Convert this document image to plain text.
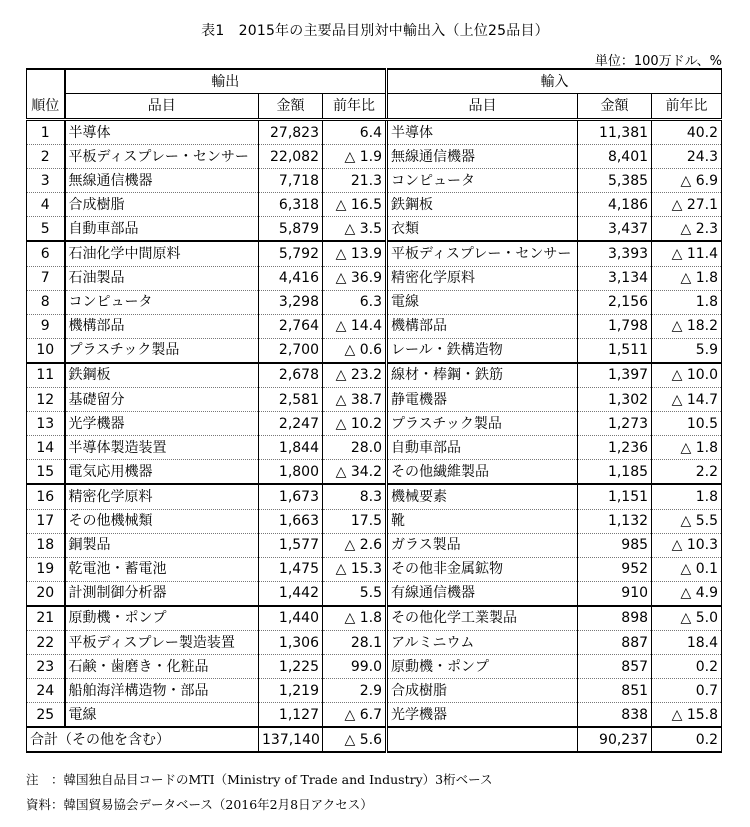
表1　2015年の主要品目別対中輸出入（上位25品目）
単位：100万ドル、%
	輸出			輸入		
順位	品目	金額	前年比	品目	金額	前年比
1	半導体	27,823	6.4	半導体	11,381	40.2
2	平板ディスプレー・センサー	22,082	△ 1.9	無線通信機器	8,401	24.3
3	無線通信機器	7,718	21.3	コンピュータ	5,385	△ 6.9
4	合成樹脂	6,318	△ 16.5	鉄鋼板	4,186	△ 27.1
5	自動車部品	5,879	△ 3.5	衣類	3,437	△ 2.3
6	石油化学中間原料	5,792	△ 13.9	平板ディスプレー・センサー	3,393	△ 11.4
7	石油製品	4,416	△ 36.9	精密化学原料	3,134	△ 1.8
8	コンピュータ	3,298	6.3	電線	2,156	1.8
9	機構部品	2,764	△ 14.4	機構部品	1,798	△ 18.2
10	プラスチック製品	2,700	△ 0.6	レール・鉄構造物	1,511	5.9
11	鉄鋼板	2,678	△ 23.2	線材・棒鋼・鉄筋	1,397	△ 10.0
12	基礎留分	2,581	△ 38.7	静電機器	1,302	△ 14.7
13	光学機器	2,247	△ 10.2	プラスチック製品	1,273	10.5
14	半導体製造装置	1,844	28.0	自動車部品	1,236	△ 1.8
15	電気応用機器	1,800	△ 34.2	その他繊維製品	1,185	2.2
16	精密化学原料	1,673	8.3	機械要素	1,151	1.8
17	その他機械類	1,663	17.5	靴	1,132	△ 5.5
18	銅製品	1,577	△ 2.6	ガラス製品	985	△ 10.3
19	乾電池・蓄電池	1,475	△ 15.3	その他非金属鉱物	952	△ 0.1
20	計測制御分析器	1,442	5.5	有線通信機器	910	△ 4.9
21	原動機・ポンプ	1,440	△ 1.8	その他化学工業製品	898	△ 5.0
22	平板ディスプレー製造装置	1,306	28.1	アルミニウム	887	18.4
23	石鹸・歯磨き・化粧品	1,225	99.0	原動機・ポンプ	857	0.2
24	船舶海洋構造物・部品	1,219	2.9	合成樹脂	851	0.7
25	電線	1,127	△ 6.7	光学機器	838	△ 15.8
合計（その他を含む）		137,140	△ 5.6		90,237	0.2
注　：韓国独自品目コードのMTI（Ministry of Trade and Industry）3桁ベース
資料：韓国貿易協会データベース（2016年2月8日アクセス）
